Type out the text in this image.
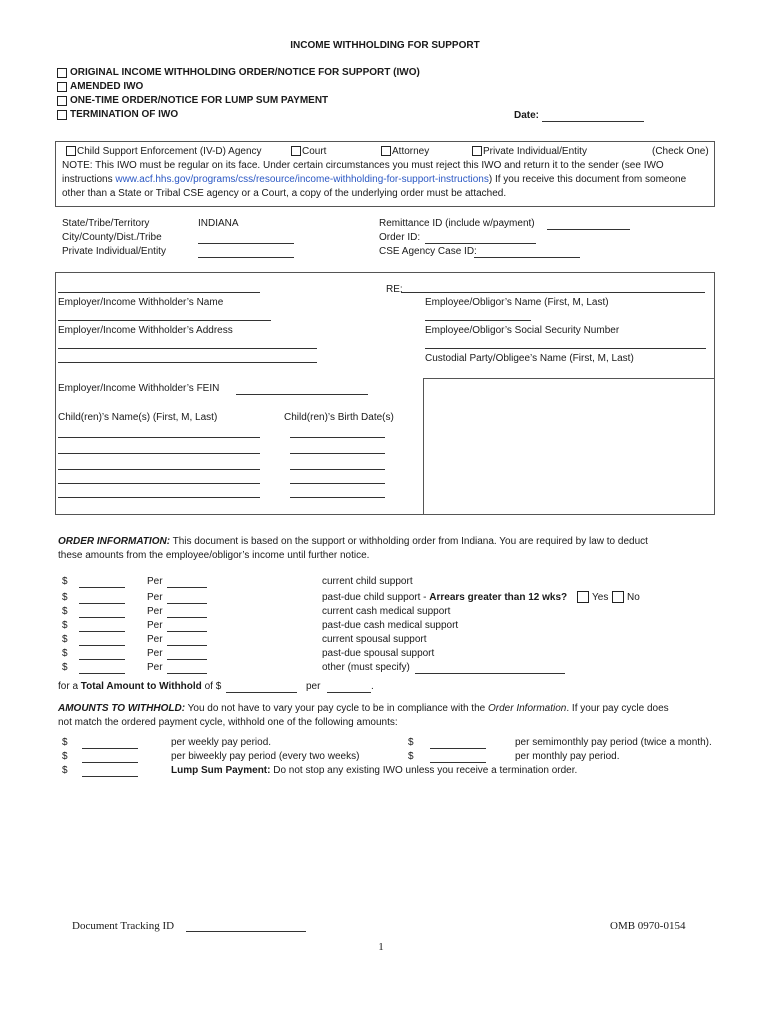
INCOME WITHHOLDING FOR SUPPORT
ORIGINAL INCOME WITHHOLDING ORDER/NOTICE FOR SUPPORT (IWO)
AMENDED IWO
ONE-TIME ORDER/NOTICE FOR LUMP SUM PAYMENT
TERMINATION OF IWO	Date:
Child Support Enforcement (IV-D) Agency	Court	Attorney	Private Individual/Entity	(Check One)
NOTE: This IWO must be regular on its face. Under certain circumstances you must reject this IWO and return it to the sender (see IWO
instructions www.acf.hhs.gov/programs/css/resource/income-withholding-for-support-instructions) If you receive this document from someone
other than a State or Tribal CSE agency or a Court, a copy of the underlying order must be attached.
State/Tribe/Territory	INDIANA
City/County/Dist./Tribe
Private Individual/Entity
Remittance ID (include w/payment)
Order ID:
CSE Agency Case ID:
RE:
Employer/Income Withholder’s Name	Employee/Obligor’s Name (First, M, Last)
Employer/Income Withholder’s Address	Employee/Obligor’s Social Security Number
Custodial Party/Obligee’s Name (First, M, Last)
Employer/Income Withholder’s FEIN
Child(ren)’s Name(s) (First, M, Last)	Child(ren)’s Birth Date(s)
ORDER INFORMATION: This document is based on the support or withholding order from Indiana. You are required by law to deduct
these amounts from the employee/obligor’s income until further notice.
$	Per	current child support
$	Per	past-due child support - Arrears greater than 12 wks? Yes No
$	Per	current cash medical support
$	Per	past-due cash medical support
$	Per	current spousal support
$	Per	past-due spousal support
$	Per	other (must specify)
for a Total Amount to Withhold of $	per	.
AMOUNTS TO WITHHOLD: You do not have to vary your pay cycle to be in compliance with the Order Information. If your pay cycle does
not match the ordered payment cycle, withhold one of the following amounts:
$	per weekly pay period.	$	per semimonthly pay period (twice a month).
$	per biweekly pay period (every two weeks)	$	per monthly pay period.
$	Lump Sum Payment: Do not stop any existing IWO unless you receive a termination order.
Document Tracking ID	OMB 0970-0154
1
